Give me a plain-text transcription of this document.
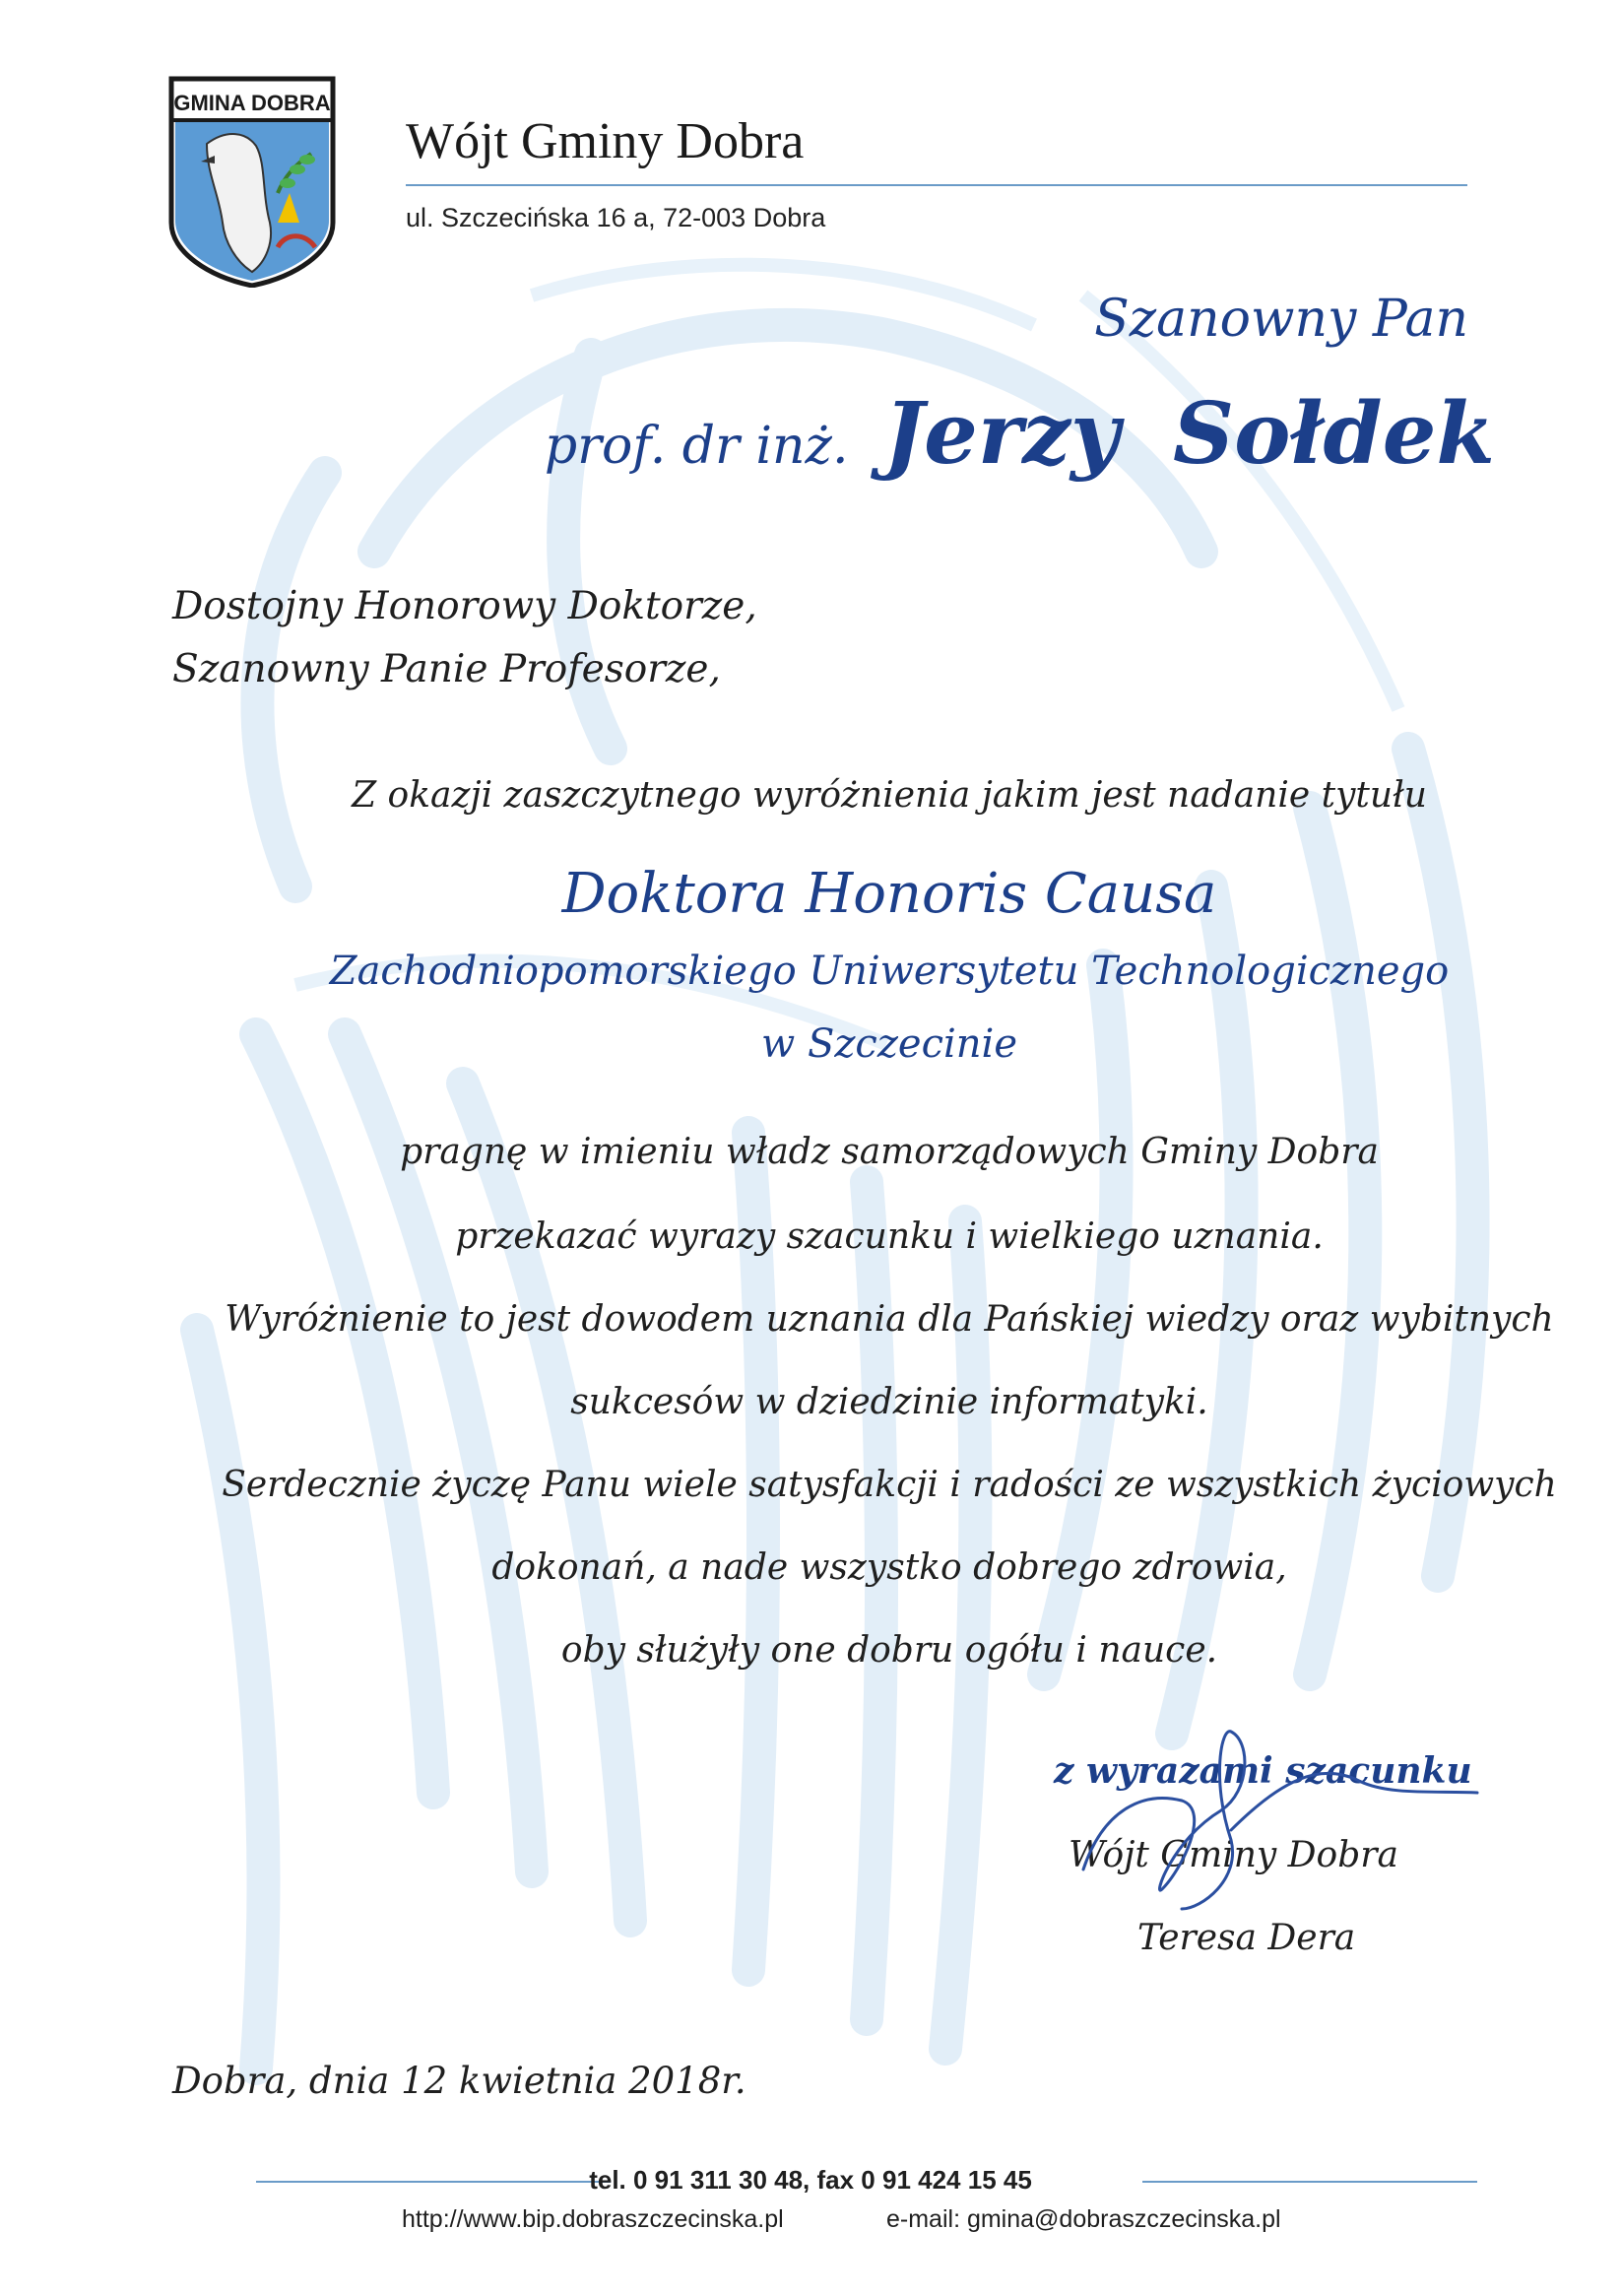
GMINA DOBRA
Wójt Gminy Dobra
ul. Szczecińska 16 a, 72-003 Dobra
Szanowny Pan
prof. dr inż. Jerzy Sołdek
Dostojny Honorowy Doktorze,
Szanowny Panie Profesorze,
Z okazji zaszczytnego wyróżnienia jakim jest nadanie tytułu
Doktora Honoris Causa
Zachodniopomorskiego Uniwersytetu Technologicznego
w Szczecinie
pragnę w imieniu władz samorządowych Gminy Dobra
przekazać wyrazy szacunku i wielkiego uznania.
Wyróżnienie to jest dowodem uznania dla Pańskiej wiedzy oraz wybitnych
sukcesów w dziedzinie informatyki.
Serdecznie życzę Panu wiele satysfakcji i radości ze wszystkich życiowych
dokonań, a nade wszystko dobrego zdrowia,
oby służyły one dobru ogółu i nauce.
z wyrazami szacunku
Wójt Gminy Dobra
Teresa Dera
Dobra, dnia 12 kwietnia 2018r.
tel. 0 91 311 30 48, fax 0 91 424 15 45
http://www.bip.dobraszczecinska.pl	e-mail: gmina@dobraszczecinska.pl
